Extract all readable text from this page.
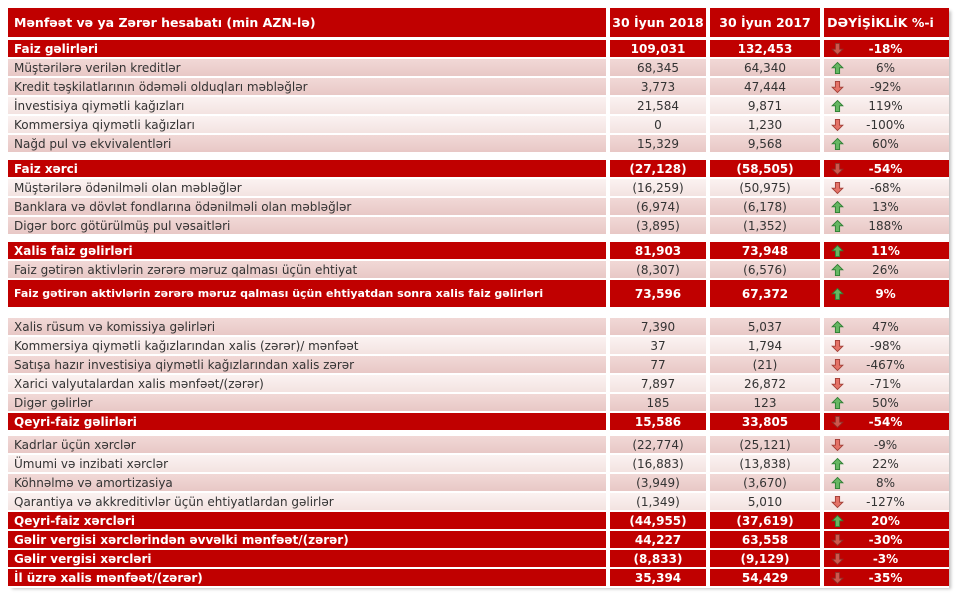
Mənfəət və ya Zərər hesabatı (min AZN-lə)	30 İyun 2018	30 İyun 2017	DƏYİŞİKLİK %-i
Faiz gəlirləri	109,031	132,453	-18%
Müştərilərə verilən kreditlər	68,345	64,340	6%
Kredit təşkilatlarının ödəməli olduqları məbləğlər	3,773	47,444	-92%
İnvestisiya qiymətli kağızları	21,584	9,871	119%
Kommersiya qiymətli kağızları	0	1,230	-100%
Nağd pul və ekvivalentləri	15,329	9,568	60%
Faiz xərci	(27,128)	(58,505)	-54%
Müştərilərə ödənilməli olan məbləğlər	(16,259)	(50,975)	-68%
Banklara və dövlət fondlarına ödənilməli olan məbləğlər	(6,974)	(6,178)	13%
Digər borc götürülmüş pul vəsaitləri	(3,895)	(1,352)	188%
Xalis faiz gəlirləri	81,903	73,948	11%
Faiz gətirən aktivlərin zərərə məruz qalması üçün ehtiyat	(8,307)	(6,576)	26%
Faiz gətirən aktivlərin zərərə məruz qalması üçün ehtiyatdan sonra xalis faiz gəlirləri	73,596	67,372	9%
Xalis rüsum və komissiya gəlirləri	7,390	5,037	47%
Kommersiya qiymətli kağızlarından xalis (zərər)/ mənfəət	37	1,794	-98%
Satışa hazır investisiya qiymətli kağızlarından xalis zərər	77	(21)	-467%
Xarici valyutalardan xalis mənfəət/(zərər)	7,897	26,872	-71%
Digər gəlirlər	185	123	50%
Qeyri-faiz gəlirləri	15,586	33,805	-54%
Kadrlar üçün xərclər	(22,774)	(25,121)	-9%
Ümumi və inzibati xərclər	(16,883)	(13,838)	22%
Köhnəlmə və amortizasiya	(3,949)	(3,670)	8%
Qarantiya və akkreditivlər üçün ehtiyatlardan gəlirlər	(1,349)	5,010	-127%
Qeyri-faiz xərcləri	(44,955)	(37,619)	20%
Gəlir vergisi xərclərindən əvvəlki mənfəət/(zərər)	44,227	63,558	-30%
Gəlir vergisi xərcləri	(8,833)	(9,129)	-3%
İl üzrə xalis mənfəət/(zərər)	35,394	54,429	-35%
